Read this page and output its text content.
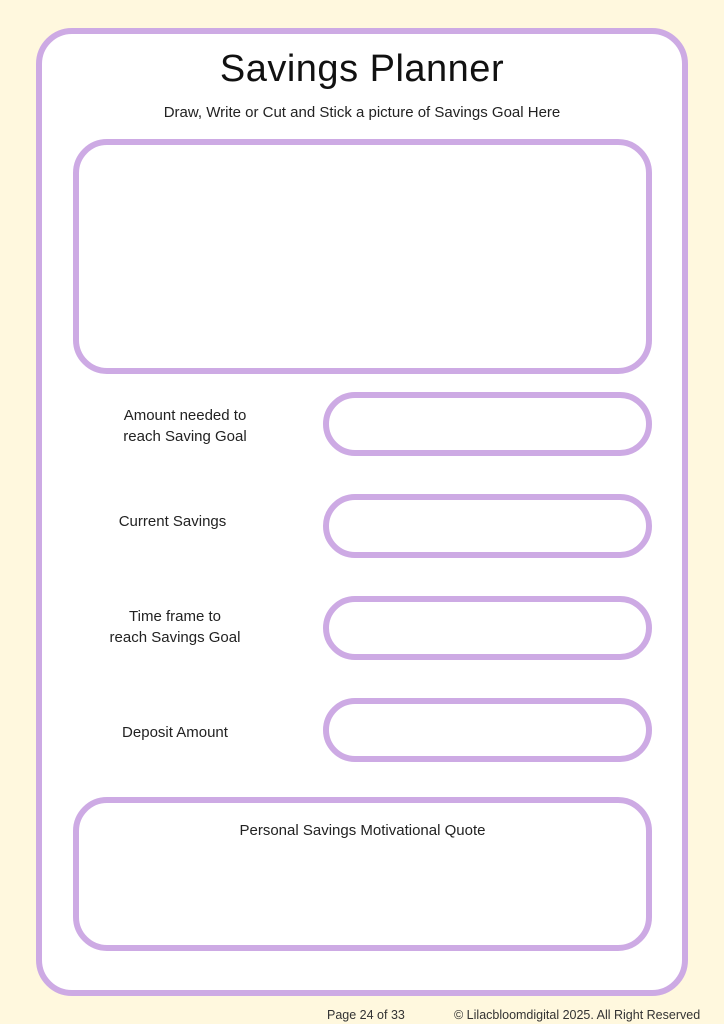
Savings Planner
Draw, Write or Cut and Stick a picture of Savings Goal Here
Amount needed to
reach Saving Goal
Current Savings
Time frame to
reach Savings Goal
Deposit Amount
Personal Savings Motivational Quote
Page 24 of 33	© Lilacbloomdigital 2025. All Right Reserved
